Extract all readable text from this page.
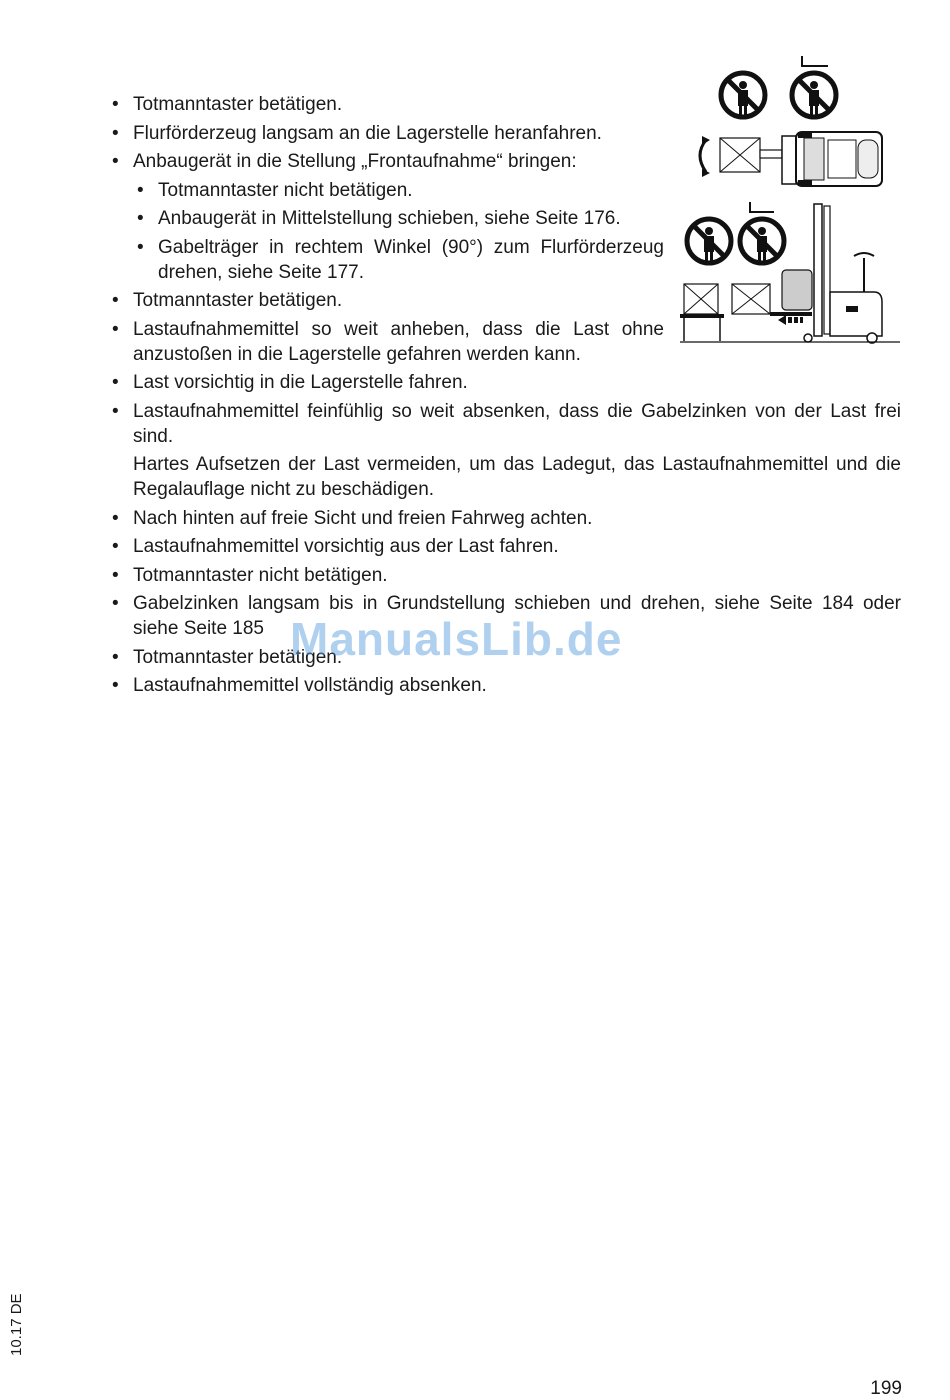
• Totmanntaster betätigen.
• Flurförderzeug langsam an die Lagerstelle heranfahren.
• Anbaugerät in die Stellung „Frontaufnahme“ bringen:
• Totmanntaster nicht betätigen.
• Anbaugerät in Mittelstellung schieben, siehe Seite 176.
• Gabelträger in rechtem Winkel (90°) zum Flurförderzeug drehen, siehe Seite 177.
• Totmanntaster betätigen.
• Lastaufnahmemittel so weit anheben, dass die Last ohne anzustoßen in die Lagerstelle gefahren werden kann.
• Last vorsichtig in die Lagerstelle fahren.
• Lastaufnahmemittel feinfühlig so weit absenken, dass die Gabelzinken von der Last frei sind.
Hartes Aufsetzen der Last vermeiden, um das Ladegut, das Lastaufnahmemittel und die Regalauflage nicht zu beschädigen.
• Nach hinten auf freie Sicht und freien Fahrweg achten.
• Lastaufnahmemittel vorsichtig aus der Last fahren.
• Totmanntaster nicht betätigen.
• Gabelzinken langsam bis in Grundstellung schieben und drehen, siehe Seite 184 oder siehe Seite 185
• Totmanntaster betätigen.
• Lastaufnahmemittel vollständig absenken.
ManualsLib.de
10.17 DE
199
